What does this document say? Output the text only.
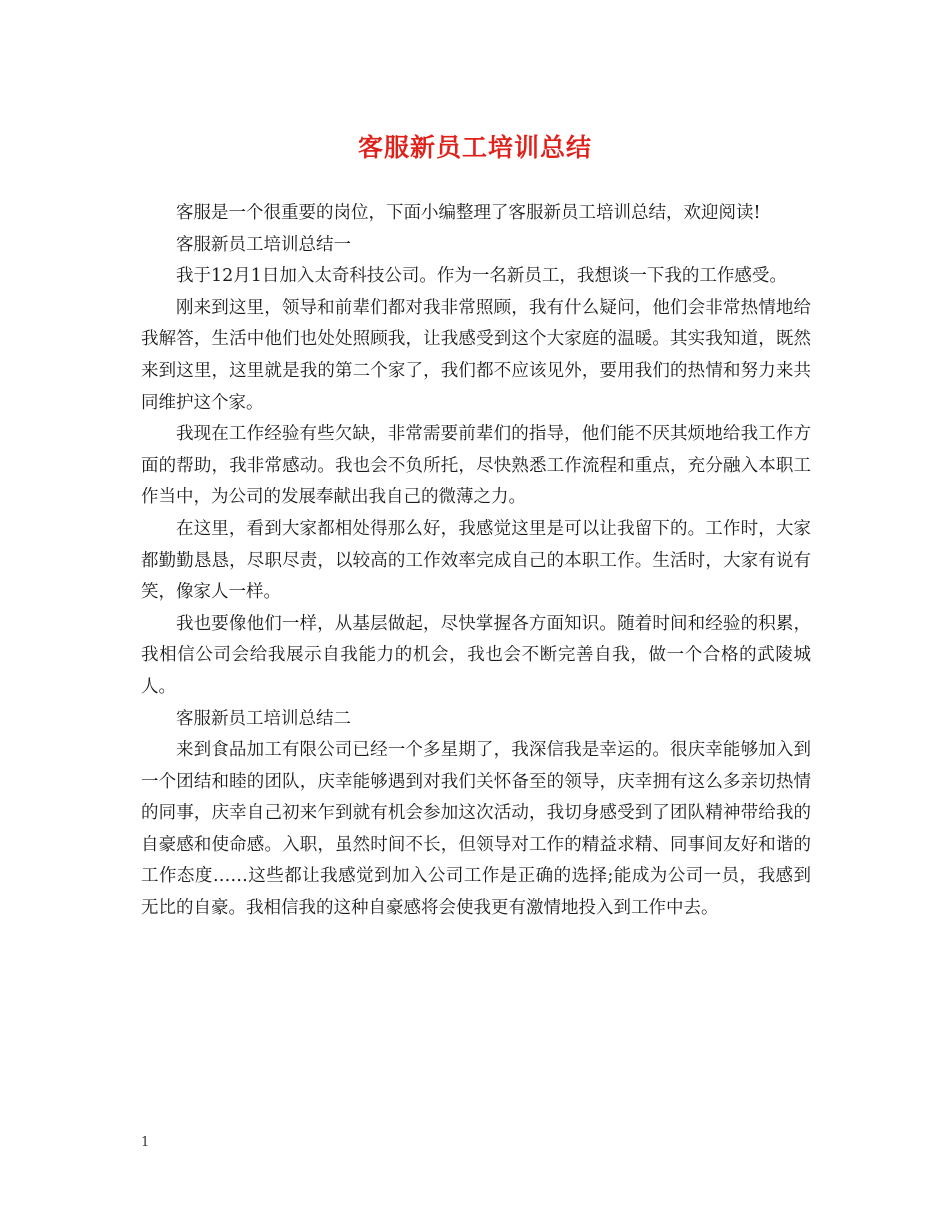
客服新员工培训总结

客服是一个很重要的岗位，下面小编整理了客服新员工培训总结，欢迎阅读!

客服新员工培训总结一

我于12月1日加入太奇科技公司。作为一名新员工，我想谈一下我的工作感受。

刚来到这里，领导和前辈们都对我非常照顾，我有什么疑问，他们会非常热情地给我解答，生活中他们也处处照顾我，让我感受到这个大家庭的温暖。其实我知道，既然来到这里，这里就是我的第二个家了，我们都不应该见外，要用我们的热情和努力来共同维护这个家。

我现在工作经验有些欠缺，非常需要前辈们的指导，他们能不厌其烦地给我工作方面的帮助，我非常感动。我也会不负所托，尽快熟悉工作流程和重点，充分融入本职工作当中，为公司的发展奉献出我自己的微薄之力。

在这里，看到大家都相处得那么好，我感觉这里是可以让我留下的。工作时，大家都勤勤恳恳，尽职尽责，以较高的工作效率完成自己的本职工作。生活时，大家有说有笑，像家人一样。

我也要像他们一样，从基层做起，尽快掌握各方面知识。随着时间和经验的积累，我相信公司会给我展示自我能力的机会，我也会不断完善自我，做一个合格的武陵城人。

客服新员工培训总结二

来到食品加工有限公司已经一个多星期了，我深信我是幸运的。很庆幸能够加入到一个团结和睦的团队，庆幸能够遇到对我们关怀备至的领导，庆幸拥有这么多亲切热情的同事，庆幸自己初来乍到就有机会参加这次活动，我切身感受到了团队精神带给我的自豪感和使命感。入职，虽然时间不长，但领导对工作的精益求精、同事间友好和谐的工作态度……这些都让我感觉到加入公司工作是正确的选择;能成为公司一员，我感到无比的自豪。我相信我的这种自豪感将会使我更有激情地投入到工作中去。

1
